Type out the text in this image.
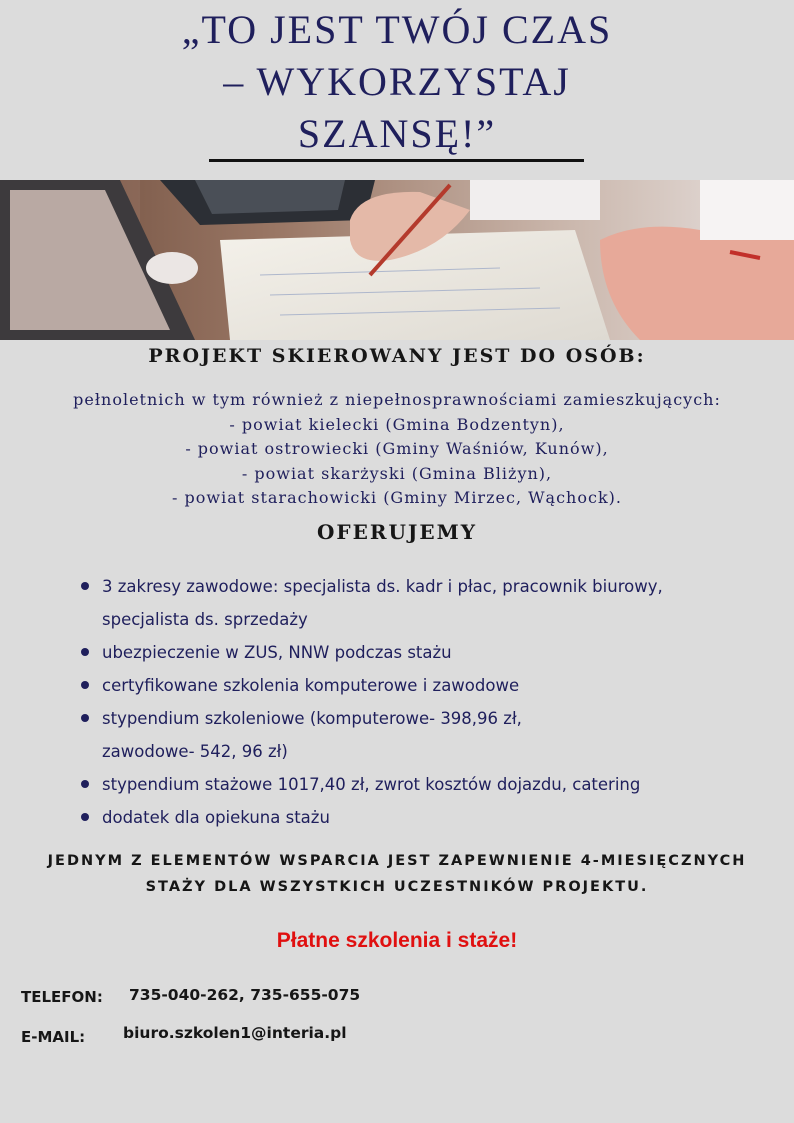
„TO JEST TWÓJ CZAS
– WYKORZYSTAJ
SZANSĘ!”
PROJEKT SKIEROWANY JEST DO OSÓB:
pełnoletnich w tym również z niepełnosprawnościami zamieszkujących:
- powiat kielecki (Gmina Bodzentyn),
- powiat ostrowiecki (Gminy Waśniów, Kunów),
- powiat skarżyski (Gmina Bliżyn),
- powiat starachowicki (Gminy Mirzec, Wąchock).
OFERUJEMY
3 zakresy zawodowe: specjalista ds. kadr i płac, pracownik biurowy,
specjalista ds. sprzedaży
ubezpieczenie w ZUS, NNW podczas stażu
certyfikowane szkolenia komputerowe i zawodowe
stypendium szkoleniowe (komputerowe- 398,96 zł,
zawodowe- 542, 96 zł)
stypendium stażowe 1017,40 zł, zwrot kosztów dojazdu, catering
dodatek dla opiekuna stażu
JEDNYM Z ELEMENTÓW WSPARCIA JEST ZAPEWNIENIE 4-MIESIĘCZNYCH
STAŻY DLA WSZYSTKICH UCZESTNIKÓW PROJEKTU.
Płatne szkolenia i staże!
TELEFON: 735-040-262, 735-655-075
E-MAIL: biuro.szkolen1@interia.pl
